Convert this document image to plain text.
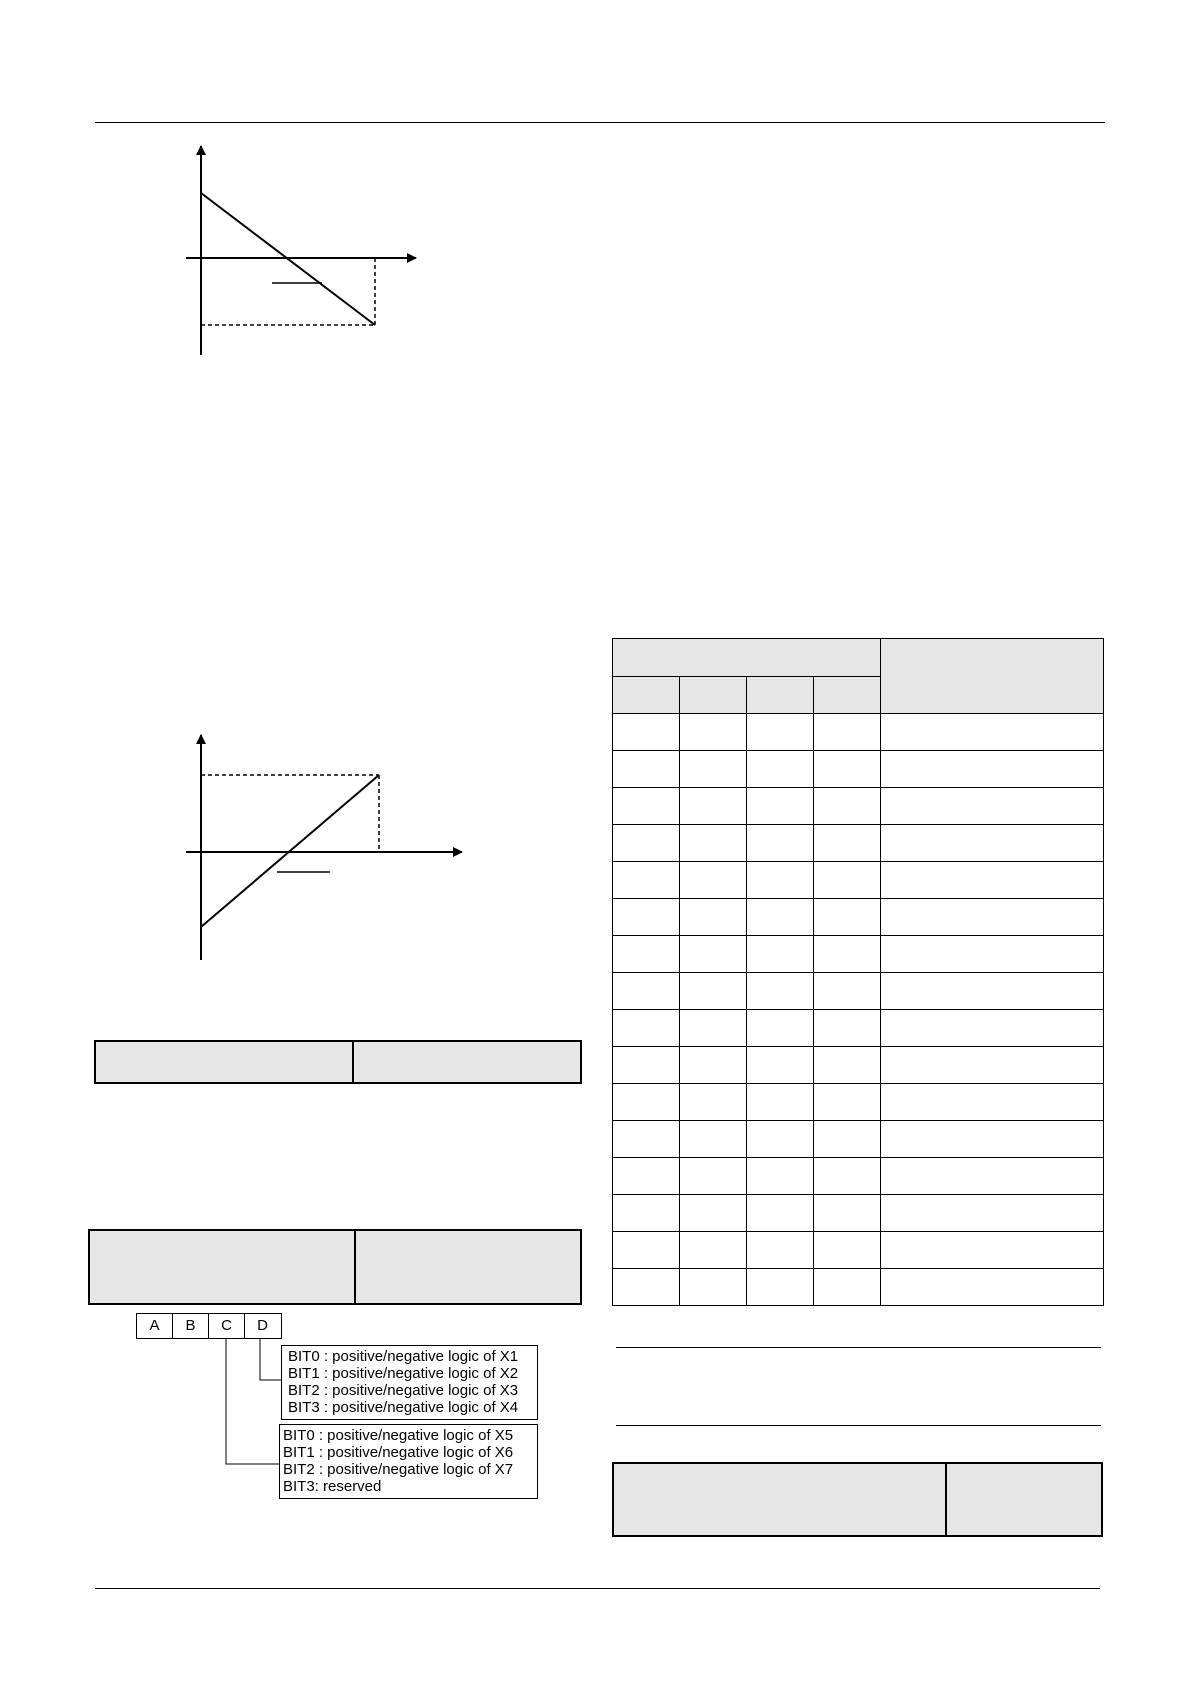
A	B	C	D
BIT0 : positive/negative logic of X1
BIT1 : positive/negative logic of X2
BIT2 : positive/negative logic of X3
BIT3 : positive/negative logic of X4
BIT0 : positive/negative logic of X5
BIT1 : positive/negative logic of X6
BIT2 : positive/negative logic of X7
BIT3: reserved
